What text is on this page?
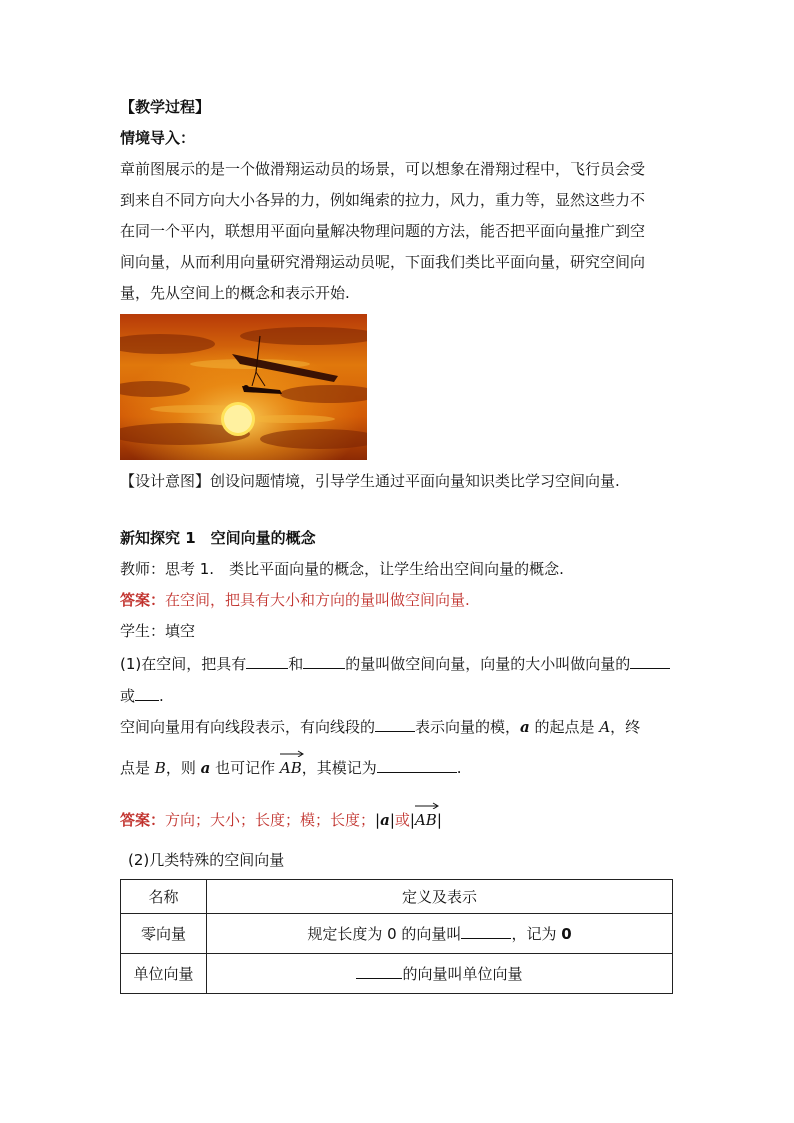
【教学过程】
情境导入：
章前图展示的是一个做滑翔运动员的场景，可以想象在滑翔过程中，飞行员会受
到来自不同方向大小各异的力，例如绳索的拉力，风力，重力等，显然这些力不
在同一个平内，联想用平面向量解决物理问题的方法，能否把平面向量推广到空
间向量，从而利用向量研究滑翔运动员呢，下面我们类比平面向量，研究空间向
量，先从空间上的概念和表示开始.
【设计意图】创设问题情境，引导学生通过平面向量知识类比学习空间向量.
新知探究 1　空间向量的概念
教师：思考 1.　类比平面向量的概念，让学生给出空间向量的概念.
答案：在空间，把具有大小和方向的量叫做空间向量.
学生：填空
(1)在空间，把具有	和	的量叫做空间向量，向量的大小叫做向量的
或 .
空间向量用有向线段表示，有向线段的	表示向量的模，a 的起点是 A，终
点是 B，则 a 也可记作
AB，其模记为	.
答案：方向；大小；长度；模；长度；|a|或|
AB|
(2)几类特殊的空间向量
名称	定义及表示
零向量	规定长度为 0 的向量叫 ，记为 0
单位向量	的向量叫单位向量
